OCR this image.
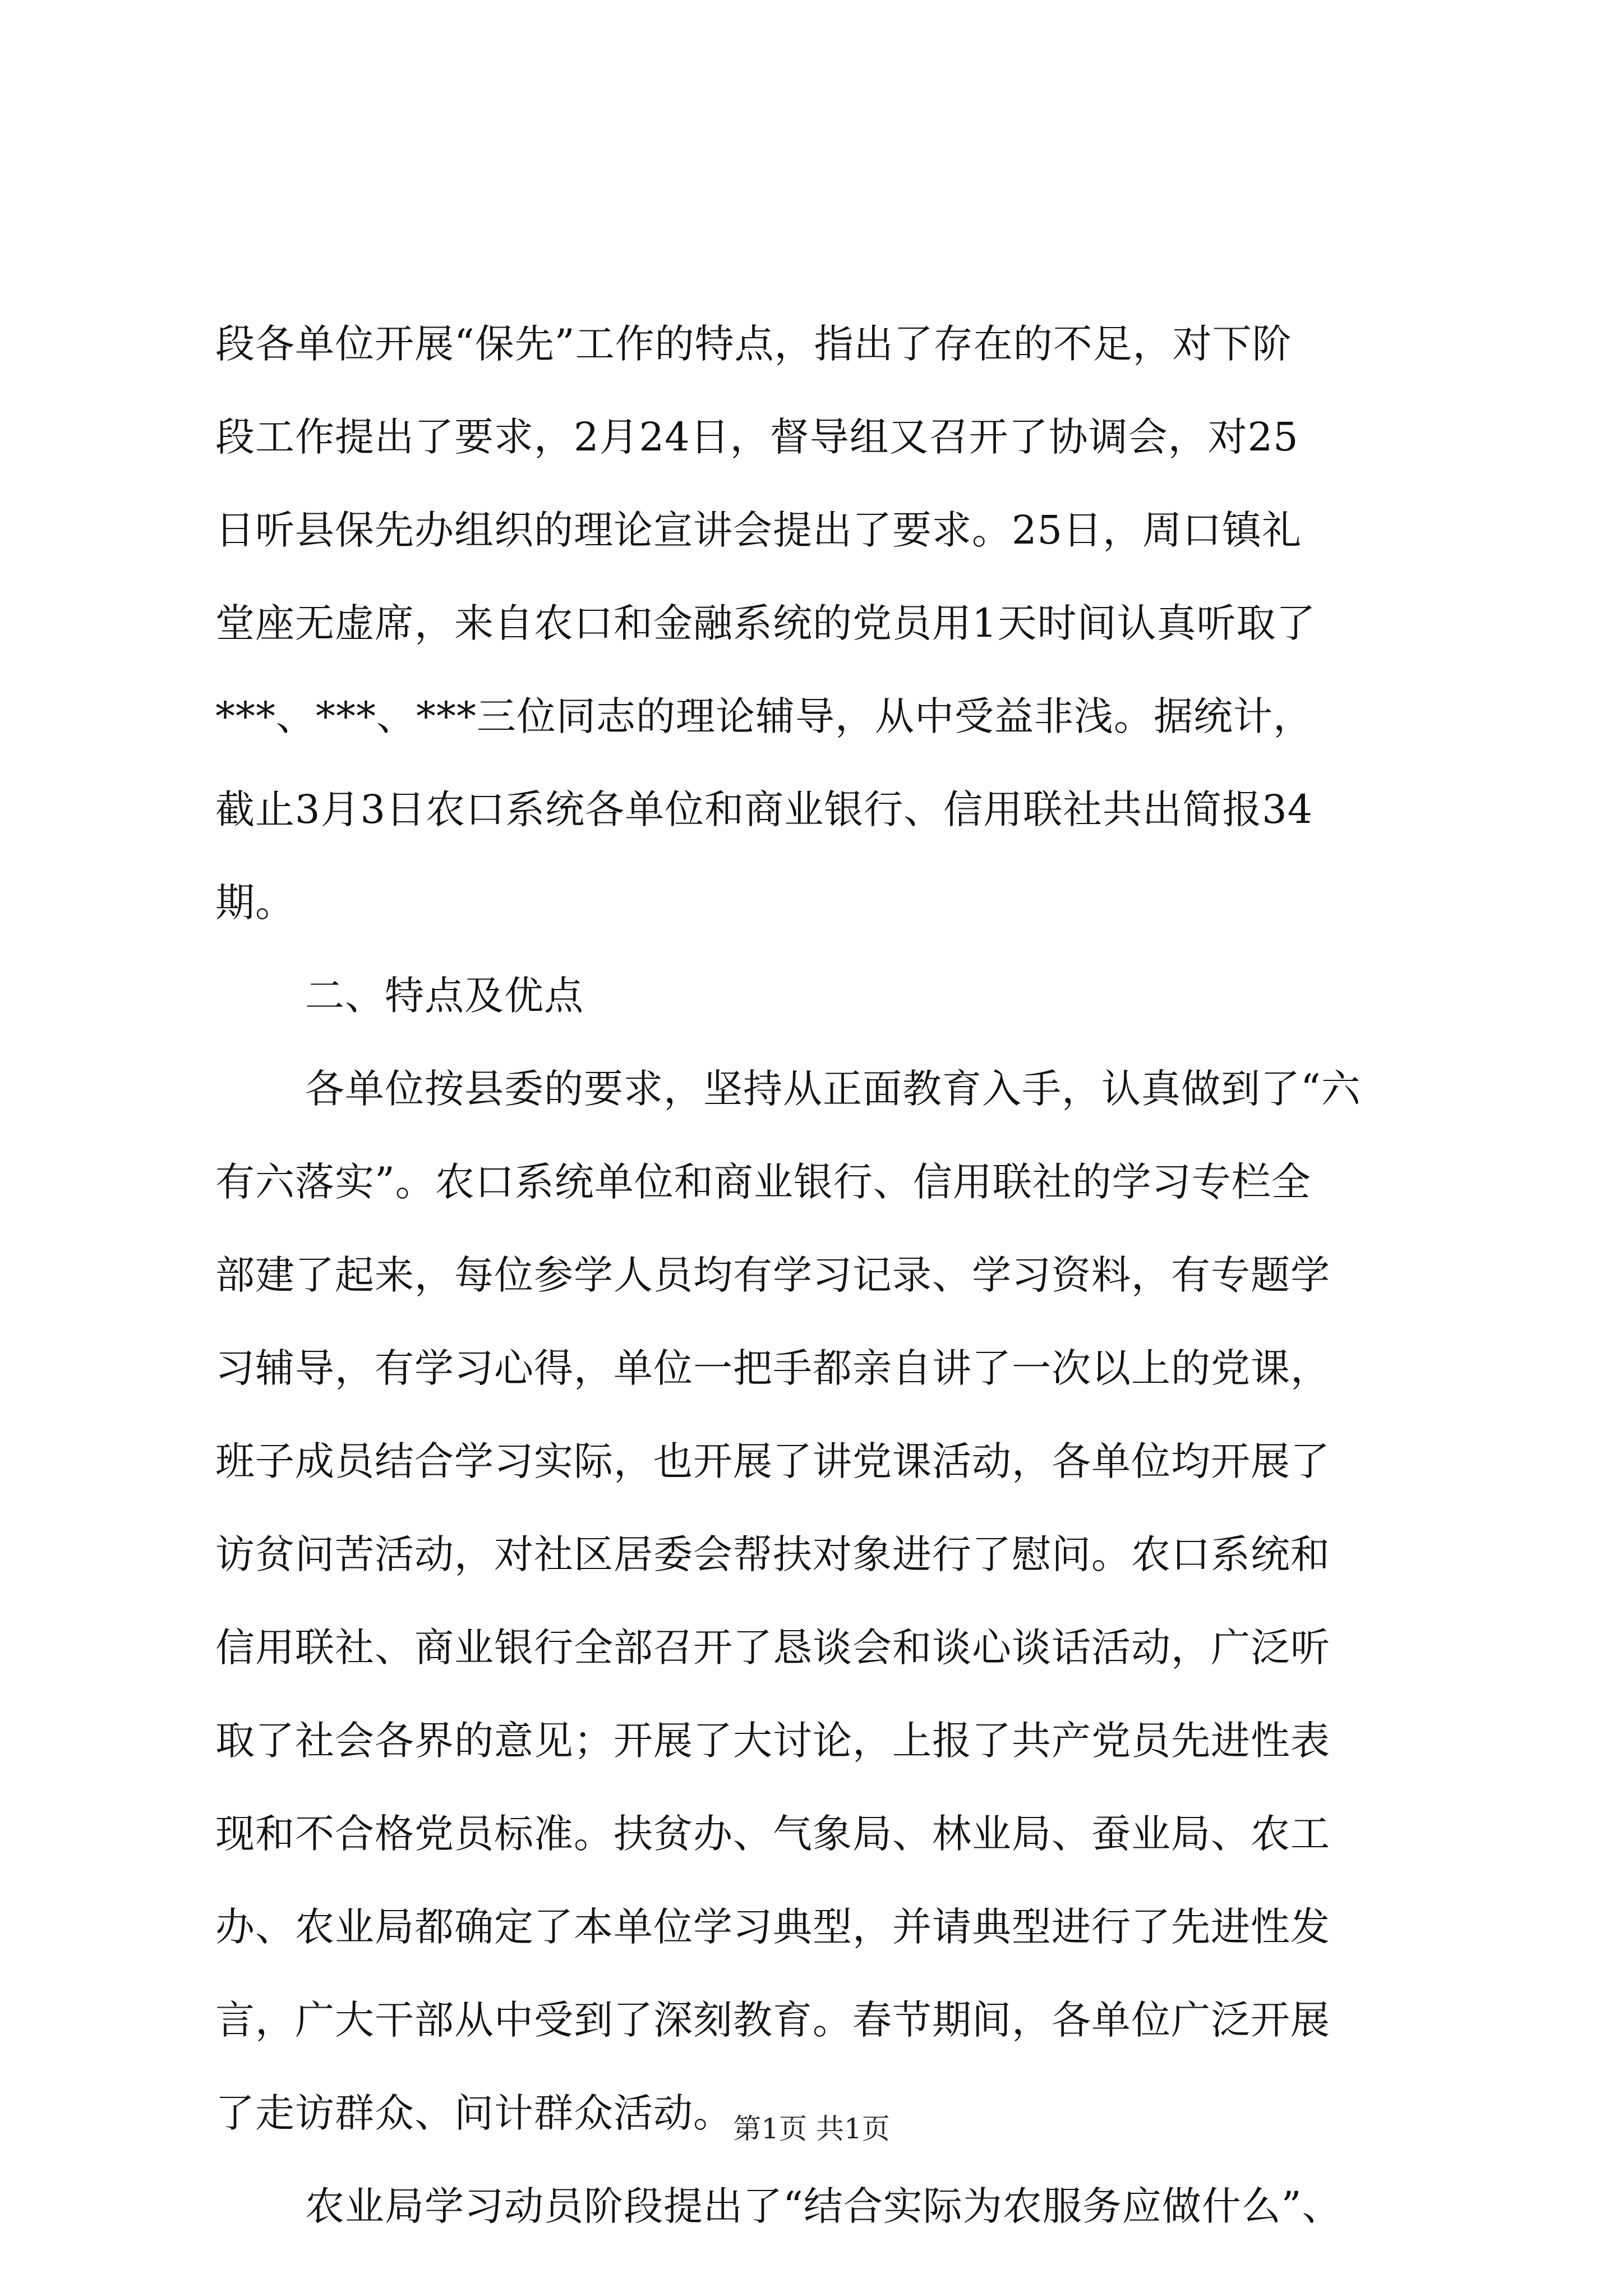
段各单位开展“保先”工作的特点，指出了存在的不足，对下阶
段工作提出了要求，2月24日，督导组又召开了协调会，对25
日听县保先办组织的理论宣讲会提出了要求。25日，周口镇礼
堂座无虚席，来自农口和金融系统的党员用1天时间认真听取了
***、***、***三位同志的理论辅导，从中受益非浅。据统计，
截止3月3日农口系统各单位和商业银行、信用联社共出简报34
期。
二、特点及优点
各单位按县委的要求，坚持从正面教育入手，认真做到了“六
有六落实”。农口系统单位和商业银行、信用联社的学习专栏全
部建了起来，每位参学人员均有学习记录、学习资料，有专题学
习辅导，有学习心得，单位一把手都亲自讲了一次以上的党课，
班子成员结合学习实际，也开展了讲党课活动，各单位均开展了
访贫问苦活动，对社区居委会帮扶对象进行了慰问。农口系统和
信用联社、商业银行全部召开了恳谈会和谈心谈话活动，广泛听
取了社会各界的意见；开展了大讨论，上报了共产党员先进性表
现和不合格党员标准。扶贫办、气象局、林业局、蚕业局、农工
办、农业局都确定了本单位学习典型，并请典型进行了先进性发
言，广大干部从中受到了深刻教育。春节期间，各单位广泛开展
了走访群众、问计群众活动。
农业局学习动员阶段提出了“结合实际为农服务应做什么”、
第1页 共1页
